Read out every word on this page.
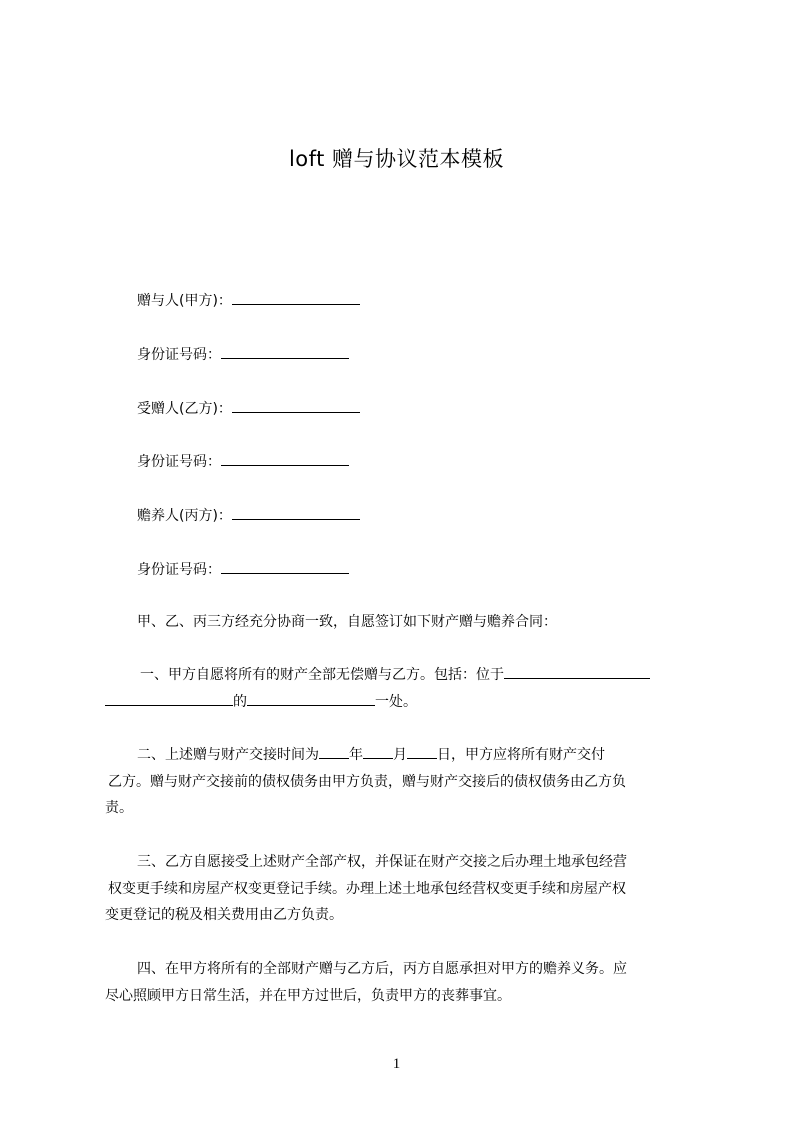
loft 赠与协议范本模板
赠与人(甲方)：
身份证号码：
受赠人(乙方)：
身份证号码：
赡养人(丙方)：
身份证号码：
甲、乙、丙三方经充分协商一致，自愿签订如下财产赠与赡养合同：
一、甲方自愿将所有的财产全部无偿赠与乙方。包括：位于
的	一处。
二、上述赠与财产交接时间为 年 月 日，甲方应将所有财产交付
乙方。赠与财产交接前的债权债务由甲方负责，赠与财产交接后的债权债务由乙方负
责。
三、乙方自愿接受上述财产全部产权，并保证在财产交接之后办理土地承包经营
权变更手续和房屋产权变更登记手续。办理上述土地承包经营权变更手续和房屋产权
变更登记的税及相关费用由乙方负责。
四、在甲方将所有的全部财产赠与乙方后，丙方自愿承担对甲方的赡养义务。应
尽心照顾甲方日常生活，并在甲方过世后，负责甲方的丧葬事宜。
1
